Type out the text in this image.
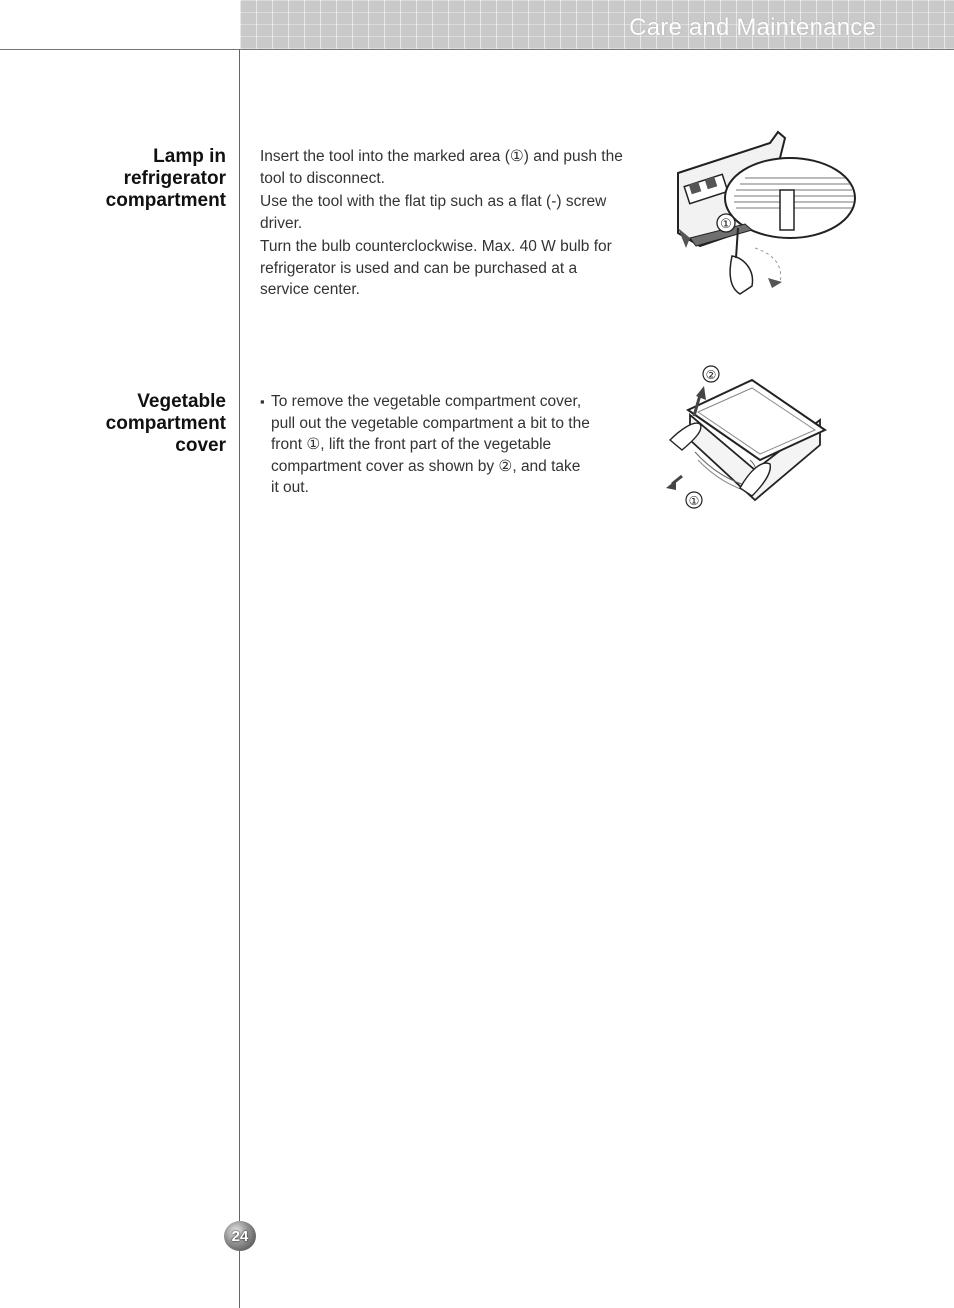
Care and Maintenance
Lamp in
refrigerator
compartment

Insert the tool into the marked area (①) and push the tool to disconnect.

Use the tool with the flat tip such as a flat (-) screw driver.

Turn the bulb counterclockwise. Max. 40 W bulb for refrigerator is used and can be purchased at a service center.

①
Vegetable
compartment
cover
▪ To remove the vegetable compartment cover, pull out the vegetable compartment a bit to the front ①, lift the front part of the vegetable compartment cover as shown by ②, and take it out.
②
①
24
